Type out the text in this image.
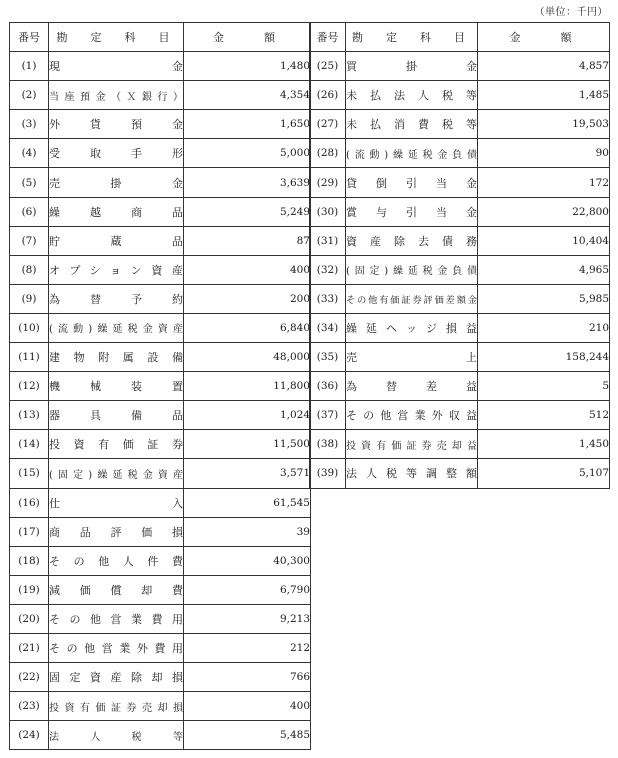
（単位：千円）
番号	勘　定　科　目	金　　額
(1)	現　　　　　金	1,480
(2)	当座預金（Ｘ銀行）	4,354
(3)	外　貨　預　金	1,650
(4)	受　取　手　形	5,000
(5)	売　　掛　　金	3,639
(6)	繰　越　商　品	5,249
(7)	貯　　蔵　　品	87
(8)	オプション資産	400
(9)	為　替　予　約	200
(10)	(流動)繰延税金資産	6,840
(11)	建物附属設備	48,000
(12)	機　械　装　置	11,800
(13)	器　具　備　品	1,024
(14)	投資有価証券	11,500
(15)	(固定)繰延税金資産	3,571
(16)	仕　　　　　入	61,545
(17)	商品評価損	39
(18)	その他人件費	40,300
(19)	減価償却費	6,790
(20)	その他営業費用	9,213
(21)	その他営業外費用	212
(22)	固定資産除却損	766
(23)	投資有価証券売却損	400
(24)	法　　人　　税　　等	5,485
番号	勘　定　科　目	金　　額
(25)	買　　掛　　金	4,857
(26)	未払法人税等	1,485
(27)	未払消費税等	19,503
(28)	(流動)繰延税金負債	90
(29)	貸倒引当金	172
(30)	賞与引当金	22,800
(31)	資産除去債務	10,404
(32)	(固定)繰延税金負債	4,965
(33)	その他有価証券評価差額金	5,985
(34)	繰延ヘッジ損益	210
(35)	売　　　　　上	158,244
(36)	為　替　差　益	5
(37)	その他営業外収益	512
(38)	投資有価証券売却益	1,450
(39)	法人税等調整額	5,107
